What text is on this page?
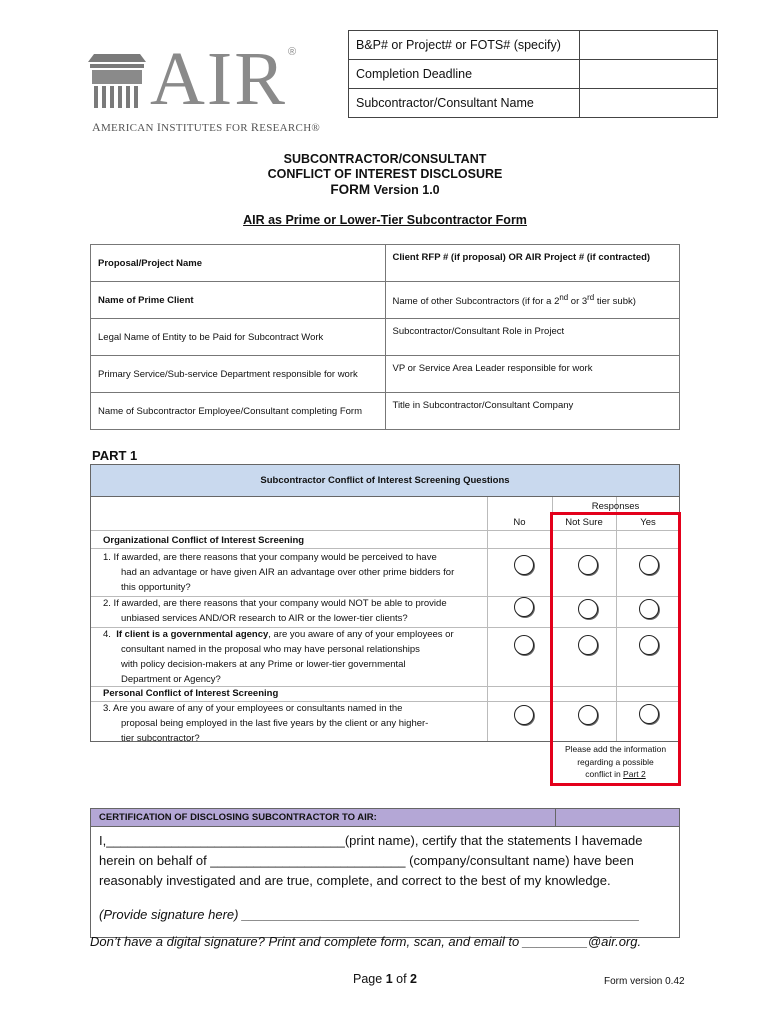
AIR ®
AMERICAN INSTITUTES FOR RESEARCH®
B&P# or Project# or FOTS# (specify)	
Completion Deadline	
Subcontractor/Consultant Name	
SUBCONTRACTOR/CONSULTANT
CONFLICT OF INTEREST DISCLOSURE
FORM Version 1.0
AIR as Prime or Lower-Tier Subcontractor Form
Proposal/Project Name	Client RFP # (if proposal) OR AIR Project # (if contracted)
Name of Prime Client	Name of other Subcontractors (if for a 2nd or 3rd tier subk)
Legal Name of Entity to be Paid for Subcontract Work	Subcontractor/Consultant Role in Project
Primary Service/Sub-service Department responsible for work	VP or Service Area Leader responsible for work
Name of Subcontractor Employee/Consultant completing Form	Title in Subcontractor/Consultant Company
PART 1
Subcontractor Conflict of Interest Screening Questions
Responses
No	Not Sure	Yes
Organizational Conflict of Interest Screening
1. If awarded, are there reasons that your company would be perceived to have
had an advantage or have given AIR an advantage over other prime bidders for
this opportunity?
2. If awarded, are there reasons that your company would NOT be able to provide
unbiased services AND/OR research to AIR or the lower-tier clients?
4. If client is a governmental agency, are you aware of any of your employees or
consultant named in the proposal who may have personal relationships
with policy decision-makers at any Prime or lower-tier governmental
Department or Agency?
Personal Conflict of Interest Screening
3. Are you aware of any of your employees or consultants named in the
proposal being employed in the last five years by the client or any higher-
tier subcontractor?
Please add the information
regarding a possible
conflict in Part 2
CERTIFICATION OF DISCLOSING SUBCONTRACTOR TO AIR:
I,_________________________________(print name), certify that the statements I havemade
herein on behalf of ___________________________ (company/consultant name) have been
reasonably investigated and are true, complete, and correct to the best of my knowledge.
(Provide signature here) _______________________________________________________
Don’t have a digital signature? Print and complete form, scan, and email to _________@air.org.
Page 1 of 2	Form version 0.42
